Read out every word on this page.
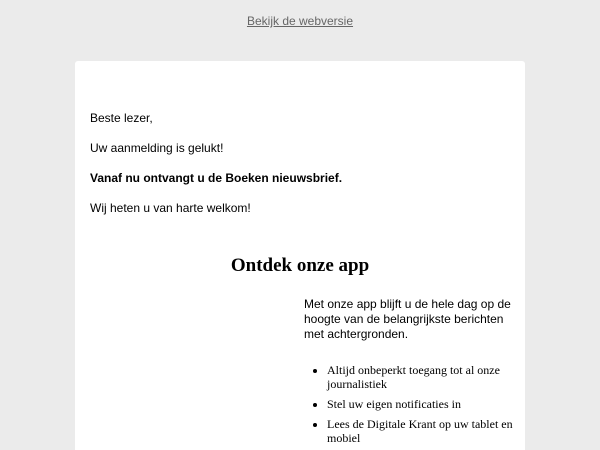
Bekijk de webversie

Beste lezer,

Uw aanmelding is gelukt!

Vanaf nu ontvangt u de Boeken nieuwsbrief.

Wij heten u van harte welkom!

Ontdek onze app

Met onze app blijft u de hele dag op de hoogte van de belangrijkste berichten met achtergronden.

• Altijd onbeperkt toegang tot al onze journalistiek
• Stel uw eigen notificaties in
• Lees de Digitale Krant op uw tablet en mobiel
